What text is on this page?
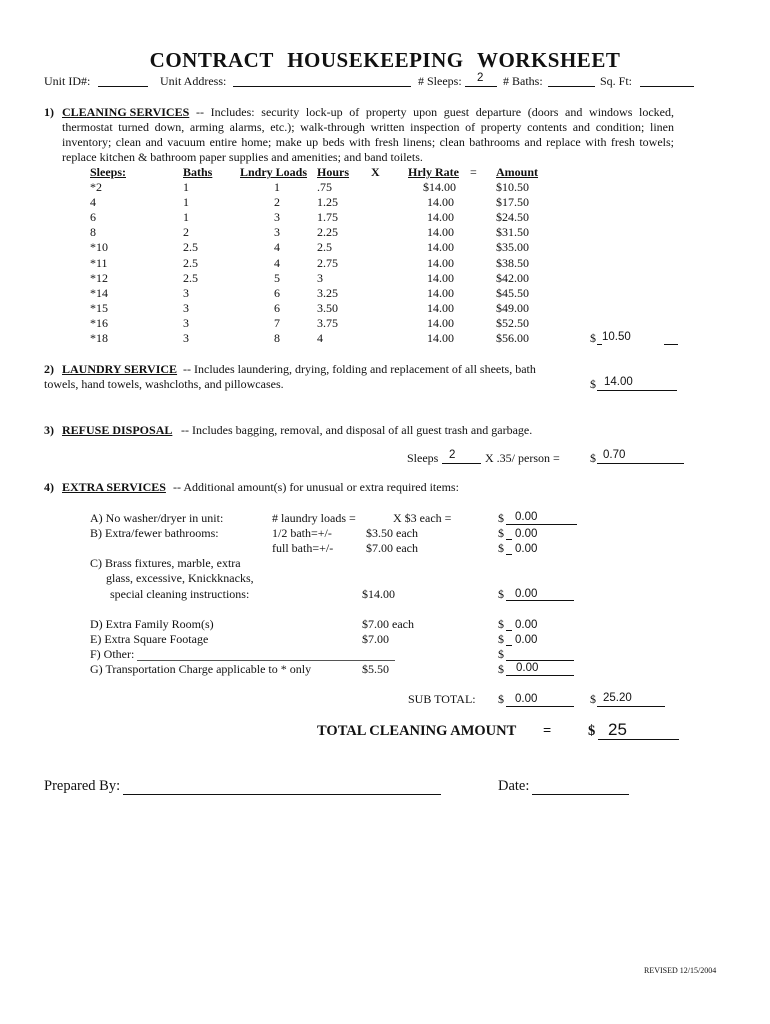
CONTRACT HOUSEKEEPING WORKSHEET
Unit ID#:	Unit Address:	# Sleeps: 2 # Baths:	Sq. Ft:
1) CLEANING SERVICES -- Includes: security lock-up of property upon guest departure (doors and windows locked, thermostat turned down, arming alarms, etc.); walk-through written inspection of property contents and condition; linen inventory; clean and vacuum entire home; make up beds with fresh linens; clean bathrooms and replace with fresh towels; replace kitchen & bathroom paper supplies and amenities; and band toilets.
Sleeps:	Baths	Lndry Loads	Hours	X	Hrly Rate	=	Amount
*2	1	1	.75		$14.00		$10.50
4	1	2	1.25		14.00		$17.50
6	1	3	1.75		14.00		$24.50
8	2	3	2.25		14.00		$31.50
*10	2.5	4	2.5		14.00		$35.00
*11	2.5	4	2.75		14.00		$38.50
*12	2.5	5	3		14.00		$42.00
*14	3	6	3.25		14.00		$45.50
*15	3	6	3.50		14.00		$49.00
*16	3	7	3.75		14.00		$52.50
*18	3	8	4		14.00		$56.00	$ 10.50
2) LAUNDRY SERVICE -- Includes laundering, drying, folding and replacement of all sheets, bath
towels, hand towels, washcloths, and pillowcases.	$ 14.00
3) REFUSE DISPOSAL -- Includes bagging, removal, and disposal of all guest trash and garbage.
Sleeps 2 X .35/ person =	$ 0.70
4) EXTRA SERVICES -- Additional amount(s) for unusual or extra required items:
A) No washer/dryer in unit:	# laundry loads =	X $3 each =	$ 0.00
B) Extra/fewer bathrooms:	1/2 bath=+/-	$3.50 each	$ 0.00
full bath=+/-	$7.00 each	$ 0.00
C) Brass fixtures, marble, extra
glass, excessive, Knickknacks,
special cleaning instructions:	$14.00	$ 0.00
D) Extra Family Room(s)	$7.00 each	$ 0.00
E) Extra Square Footage	$7.00	$ 0.00
F) Other:	$
G) Transportation Charge applicable to * only	$5.50	$ 0.00
SUB TOTAL: $ 0.00	$ 25.20
TOTAL CLEANING AMOUNT =	$ 25
Prepared By:	Date:
REVISED 12/15/2004
